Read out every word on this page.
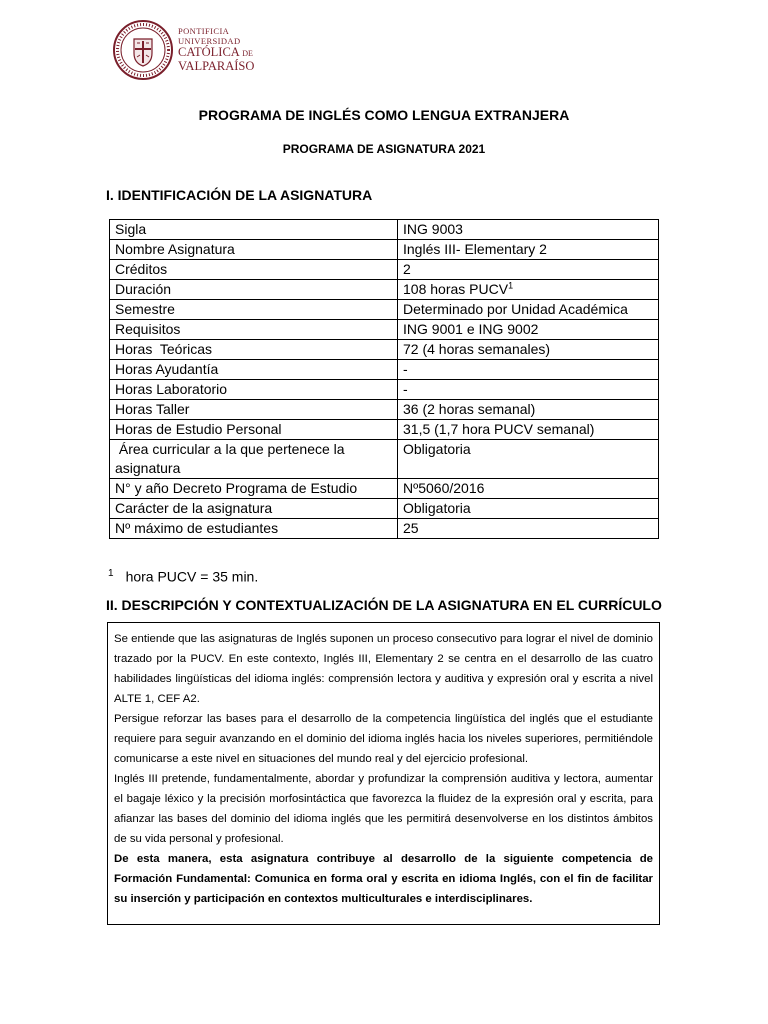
PONTIFICIA
UNIVERSIDAD
CATÓLICA DE
VALPARAÍSO
PROGRAMA DE INGLÉS COMO LENGUA EXTRANJERA
PROGRAMA DE ASIGNATURA 2021
I. IDENTIFICACIÓN DE LA ASIGNATURA
Sigla	ING 9003
Nombre Asignatura	Inglés III- Elementary 2
Créditos	2
Duración	108 horas PUCV$^1$
Semestre	Determinado por Unidad Académica
Requisitos	ING 9001 e ING 9002
Horas  Teóricas	72 (4 horas semanales)
Horas Ayudantía	-
Horas Laboratorio	-
Horas Taller	36 (2 horas semanal)
Horas de Estudio Personal	31,5 (1,7 hora PUCV semanal)
Área curricular a la que pertenece la asignatura	Obligatoria
N° y año Decreto Programa de Estudio	Nº5060/2016
Carácter de la asignatura	Obligatoria
Nº máximo de estudiantes	25
$^1$ hora PUCV = 35 min.
II. DESCRIPCIÓN Y CONTEXTUALIZACIÓN DE LA ASIGNATURA EN EL CURRÍCULO

Se entiende que las asignaturas de Inglés suponen un proceso consecutivo para lograr el nivel de dominio trazado por la PUCV. En este contexto, Inglés III, Elementary 2 se centra en el desarrollo de las cuatro habilidades lingüísticas del idioma inglés: comprensión lectora y auditiva y expresión oral y escrita a nivel ALTE 1, CEF A2.

Persigue reforzar las bases para el desarrollo de la competencia lingüística del inglés que el estudiante requiere para seguir avanzando en el dominio del idioma inglés hacia los niveles superiores, permitiéndole comunicarse a este nivel en situaciones del mundo real y del ejercicio profesional.

Inglés III pretende, fundamentalmente, abordar y profundizar la comprensión auditiva y lectora, aumentar el bagaje léxico y la precisión morfosintáctica que favorezca la fluidez de la expresión oral y escrita, para afianzar las bases del dominio del idioma inglés que les permitirá desenvolverse en los distintos ámbitos de su vida personal y profesional.

De esta manera, esta asignatura contribuye al desarrollo de la siguiente competencia de Formación Fundamental: Comunica en forma oral y escrita en idioma Inglés, con el fin de facilitar su inserción y participación en contextos multiculturales e interdisciplinares.
